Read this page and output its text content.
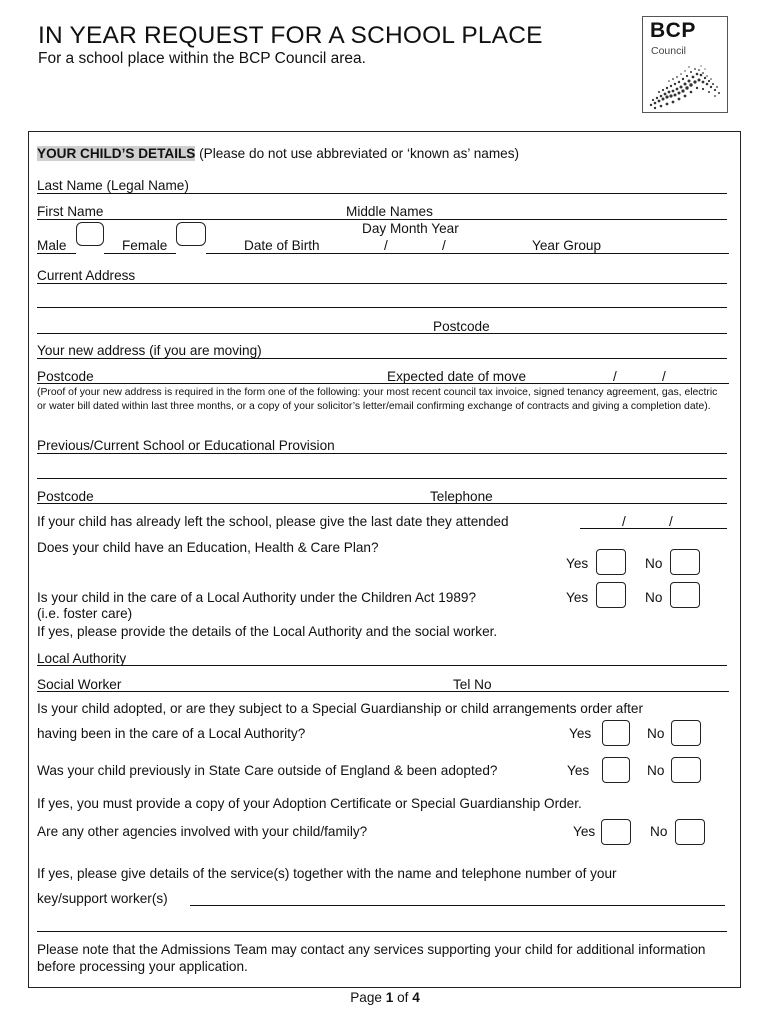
IN YEAR REQUEST FOR A SCHOOL PLACE
For a school place within the BCP Council area.
BCP
Council
YOUR CHILD’S DETAILS (Please do not use abbreviated or ‘known as’ names)
Last Name (Legal Name)
First Name	Middle Names
Day Month Year
Male	Female	Date of Birth	/	/	Year Group
Current Address
Postcode
Your new address (if you are moving)
Postcode	Expected date of move	/	/
(Proof of your new address is required in the form one of the following: your most recent council tax invoice, signed tenancy agreement, gas, electric or water bill dated within last three months, or a copy of your solicitor’s letter/email confirming exchange of contracts and giving a completion date).
Previous/Current School or Educational Provision
Postcode	Telephone
If your child has already left the school, please give the last date they attended	/	/
Does your child have an Education, Health & Care Plan?
Yes	No
Is your child in the care of a Local Authority under the Children Act 1989?	Yes	No
(i.e. foster care)
If yes, please provide the details of the Local Authority and the social worker.
Local Authority
Social Worker	Tel No
Is your child adopted, or are they subject to a Special Guardianship or child arrangements order after
having been in the care of a Local Authority?	Yes	No
Was your child previously in State Care outside of England & been adopted?	Yes	No
If yes, you must provide a copy of your Adoption Certificate or Special Guardianship Order.
Are any other agencies involved with your child/family?	Yes	No
If yes, please give details of the service(s) together with the name and telephone number of your
key/support worker(s)
Please note that the Admissions Team may contact any services supporting your child for additional information before processing your application.
Page 1 of 4
